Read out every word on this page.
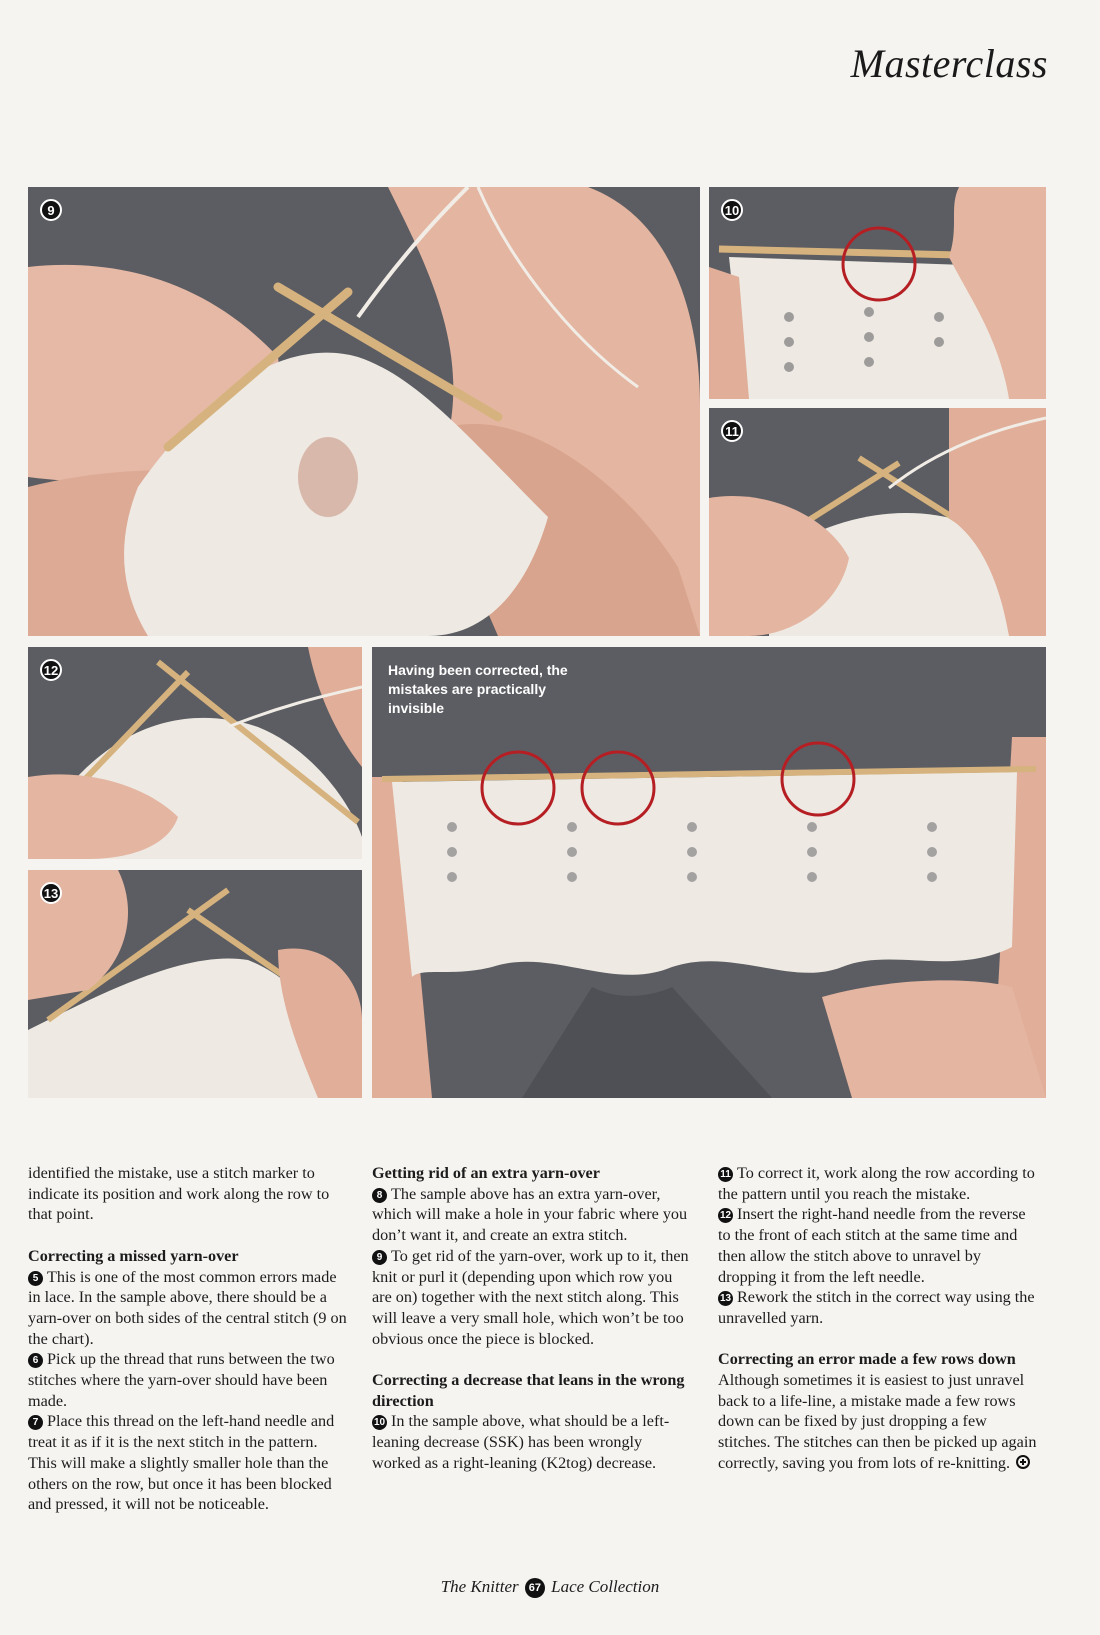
Masterclass
9	10
11
12
13
Having been corrected, the mistakes are practically invisible

identified the mistake, use a stitch marker to indicate its position and work along the row to that point.

Correcting a missed yarn-over

5 This is one of the most common errors made in lace. In the sample above, there should be a yarn-over on both sides of the central stitch (9 on the chart).

6 Pick up the thread that runs between the two stitches where the yarn-over should have been made.

7 Place this thread on the left-hand needle and treat it as if it is the next stitch in the pattern. This will make a slightly smaller hole than the others on the row, but once it has been blocked and pressed, it will not be noticeable.

Getting rid of an extra yarn-over

8 The sample above has an extra yarn-over, which will make a hole in your fabric where you don’t want it, and create an extra stitch.

9 To get rid of the yarn-over, work up to it, then knit or purl it (depending upon which row you are on) together with the next stitch along. This will leave a very small hole, which won’t be too obvious once the piece is blocked.

Correcting a decrease that leans in the wrong direction

10 In the sample above, what should be a left-leaning decrease (SSK) has been wrongly worked as a right-leaning (K2tog) decrease.

11 To correct it, work along the row according to the pattern until you reach the mistake.

12 Insert the right-hand needle from the reverse to the front of each stitch at the same time and then allow the stitch above to unravel by dropping it from the left needle.

13 Rework the stitch in the correct way using the unravelled yarn.

Correcting an error made a few rows down

Although sometimes it is easiest to just unravel back to a life-line, a mistake made a few rows down can be fixed by just dropping a few stitches. The stitches can then be picked up again correctly, saving you from lots of re-knitting.

The Knitter 67 Lace Collection
